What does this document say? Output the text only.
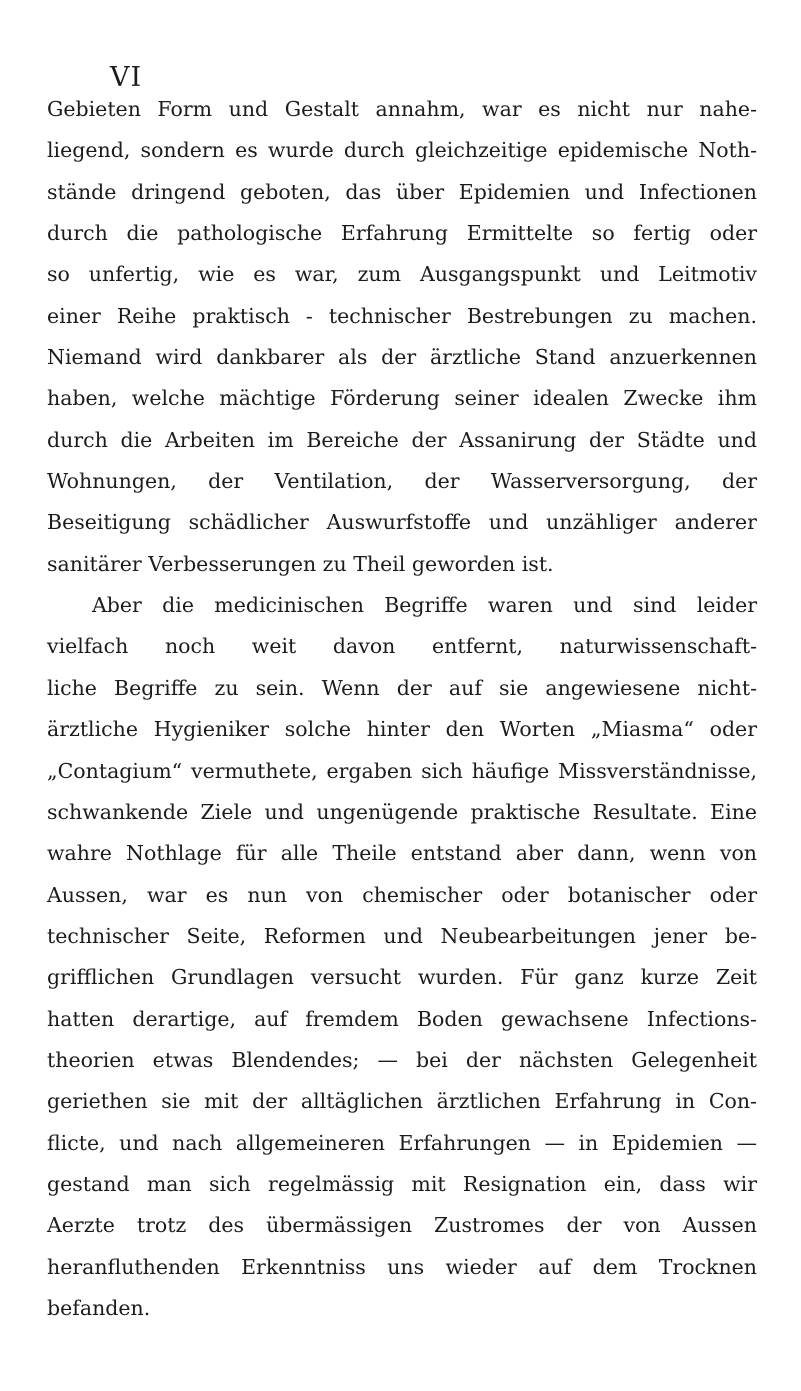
VI
Gebieten Form und Gestalt annahm, war es nicht nur nahe-
liegend, sondern es wurde durch gleichzeitige epidemische Noth-
stände dringend geboten, das über Epidemien und Infectionen
durch die pathologische Erfahrung Ermittelte so fertig oder
so unfertig, wie es war, zum Ausgangspunkt und Leitmotiv
einer Reihe praktisch - technischer Bestrebungen zu machen.
Niemand wird dankbarer als der ärztliche Stand anzuerkennen
haben, welche mächtige Förderung seiner idealen Zwecke ihm
durch die Arbeiten im Bereiche der Assanirung der Städte und
Wohnungen, der Ventilation, der Wasserversorgung, der
Beseitigung schädlicher Auswurfstoffe und unzähliger anderer
sanitärer Verbesserungen zu Theil geworden ist.
Aber die medicinischen Begriffe waren und sind leider
vielfach noch weit davon entfernt, naturwissenschaft-
liche Begriffe zu sein. Wenn der auf sie angewiesene nicht-
ärztliche Hygieniker solche hinter den Worten „Miasma“ oder
„Contagium“ vermuthete, ergaben sich häufige Missverständnisse,
schwankende Ziele und ungenügende praktische Resultate. Eine
wahre Nothlage für alle Theile entstand aber dann, wenn von
Aussen, war es nun von chemischer oder botanischer oder
technischer Seite, Reformen und Neubearbeitungen jener be-
grifflichen Grundlagen versucht wurden. Für ganz kurze Zeit
hatten derartige, auf fremdem Boden gewachsene Infections-
theorien etwas Blendendes; — bei der nächsten Gelegenheit
geriethen sie mit der alltäglichen ärztlichen Erfahrung in Con-
flicte, und nach allgemeineren Erfahrungen — in Epidemien —
gestand man sich regelmässig mit Resignation ein, dass wir
Aerzte trotz des übermässigen Zustromes der von Aussen
heranfluthenden Erkenntniss uns wieder auf dem Trocknen
befanden.
